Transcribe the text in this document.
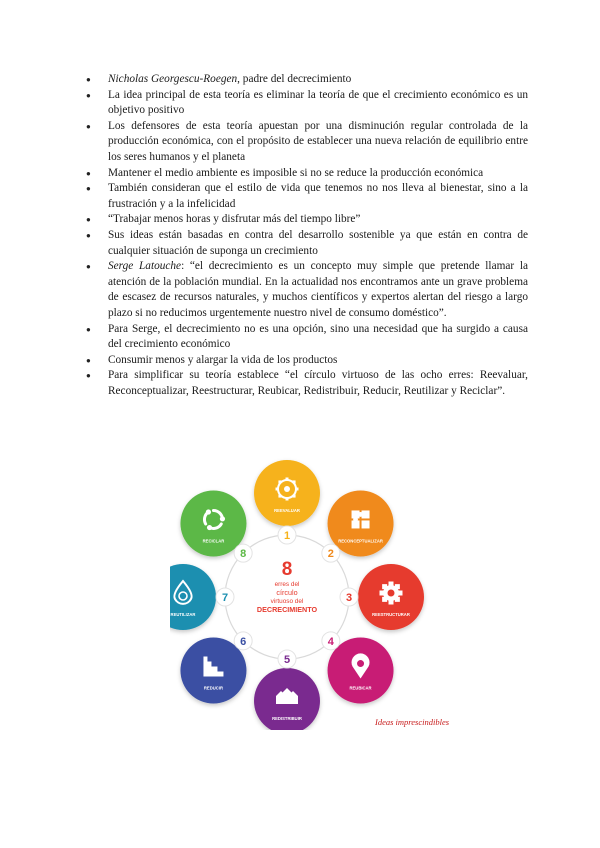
● Nicholas Georgescu-Roegen, padre del decrecimiento
● La idea principal de esta teoría es eliminar la teoría de que el crecimiento económico es un objetivo positivo
● Los defensores de esta teoría apuestan por una disminución regular controlada de la producción económica, con el propósito de establecer una nueva relación de equilibrio entre los seres humanos y el planeta
● Mantener el medio ambiente es imposible si no se reduce la producción económica
● También consideran que el estilo de vida que tenemos no nos lleva al bienestar, sino a la frustración y a la infelicidad
● “Trabajar menos horas y disfrutar más del tiempo libre”
● Sus ideas están basadas en contra del desarrollo sostenible ya que están en contra de cualquier situación de suponga un crecimiento
● Serge Latouche: “el decrecimiento es un concepto muy simple que pretende llamar la atención de la población mundial. En la actualidad nos encontramos ante un grave problema de escasez de recursos naturales, y muchos científicos y expertos alertan del riesgo a largo plazo si no reducimos urgentemente nuestro nivel de consumo doméstico”.
● Para Serge, el decrecimiento no es una opción, sino una necesidad que ha surgido a causa del crecimiento económico
● Consumir menos y alargar la vida de los productos
● Para simplificar su teoría establece “el círculo virtuoso de las ocho erres: Reevaluar, Reconceptualizar, Reestructurar, Reubicar, Redistribuir, Reducir, Reutilizar y Reciclar”.
REEVALUAR
1	RECONCEPTUALIZAR
2
REESTRUCTURAR
3
REUBICAR
4
REDISTRIBUIR
5
REDUCIR
6
REUTILIZAR
7
RECICLAR
8
8
erres del
círculo
virtuoso del
DECRECIMIENTO
Ideas imprescindibles
